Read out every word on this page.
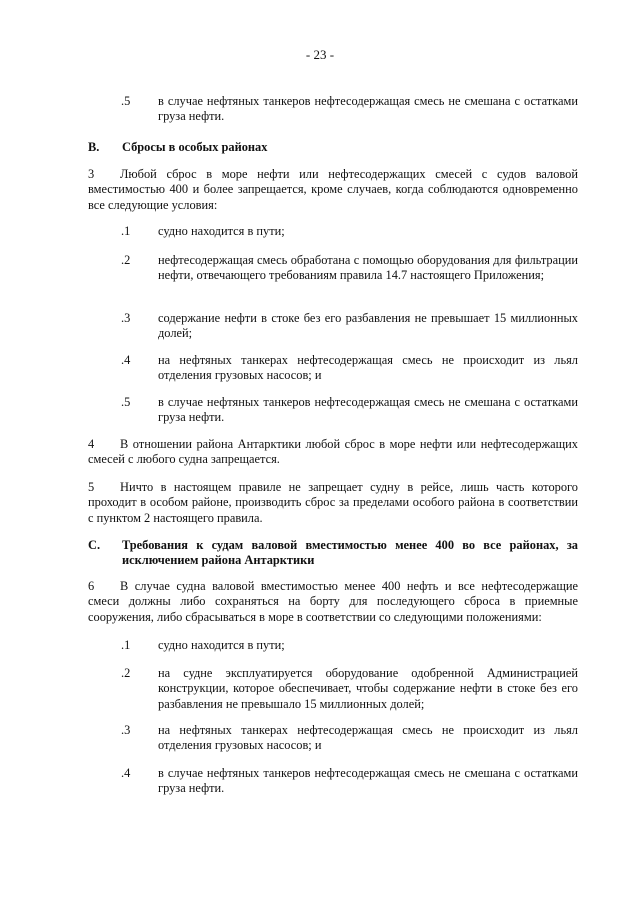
- 23 -
.5 в случае нефтяных танкеров нефтесодержащая смесь не смешана с остатками груза нефти.
B. Сбросы в особых районах
3 Любой сброс в море нефти или нефтесодержащих смесей с судов валовой вместимостью 400 и более запрещается, кроме случаев, когда соблюдаются одновременно все следующие условия:
.1 судно находится в пути;
.2 нефтесодержащая смесь обработана с помощью оборудования для фильтрации нефти, отвечающего требованиям правила 14.7 настоящего Приложения;
.3 содержание нефти в стоке без его разбавления не превышает 15 миллионных долей;
.4 на нефтяных танкерах нефтесодержащая смесь не происходит из льял отделения грузовых насосов; и
.5 в случае нефтяных танкеров нефтесодержащая смесь не смешана с остатками груза нефти.
4 В отношении района Антарктики любой сброс в море нефти или нефтесодержащих смесей с любого судна запрещается.
5 Ничто в настоящем правиле не запрещает судну в рейсе, лишь часть которого проходит в особом районе, производить сброс за пределами особого района в соответствии с пунктом 2 настоящего правила.
C. Требования к судам валовой вместимостью менее 400 во все районах, за исключением района Антарктики
6 В случае судна валовой вместимостью менее 400 нефть и все нефтесодержащие смеси должны либо сохраняться на борту для последующего сброса в приемные сооружения, либо сбрасываться в море в соответствии со следующими положениями:
.1 судно находится в пути;
.2 на судне эксплуатируется оборудование одобренной Администрацией конструкции, которое обеспечивает, чтобы содержание нефти в стоке без его разбавления не превышало 15 миллионных долей;
.3 на нефтяных танкерах нефтесодержащая смесь не происходит из льял отделения грузовых насосов; и
.4 в случае нефтяных танкеров нефтесодержащая смесь не смешана с остатками груза нефти.
